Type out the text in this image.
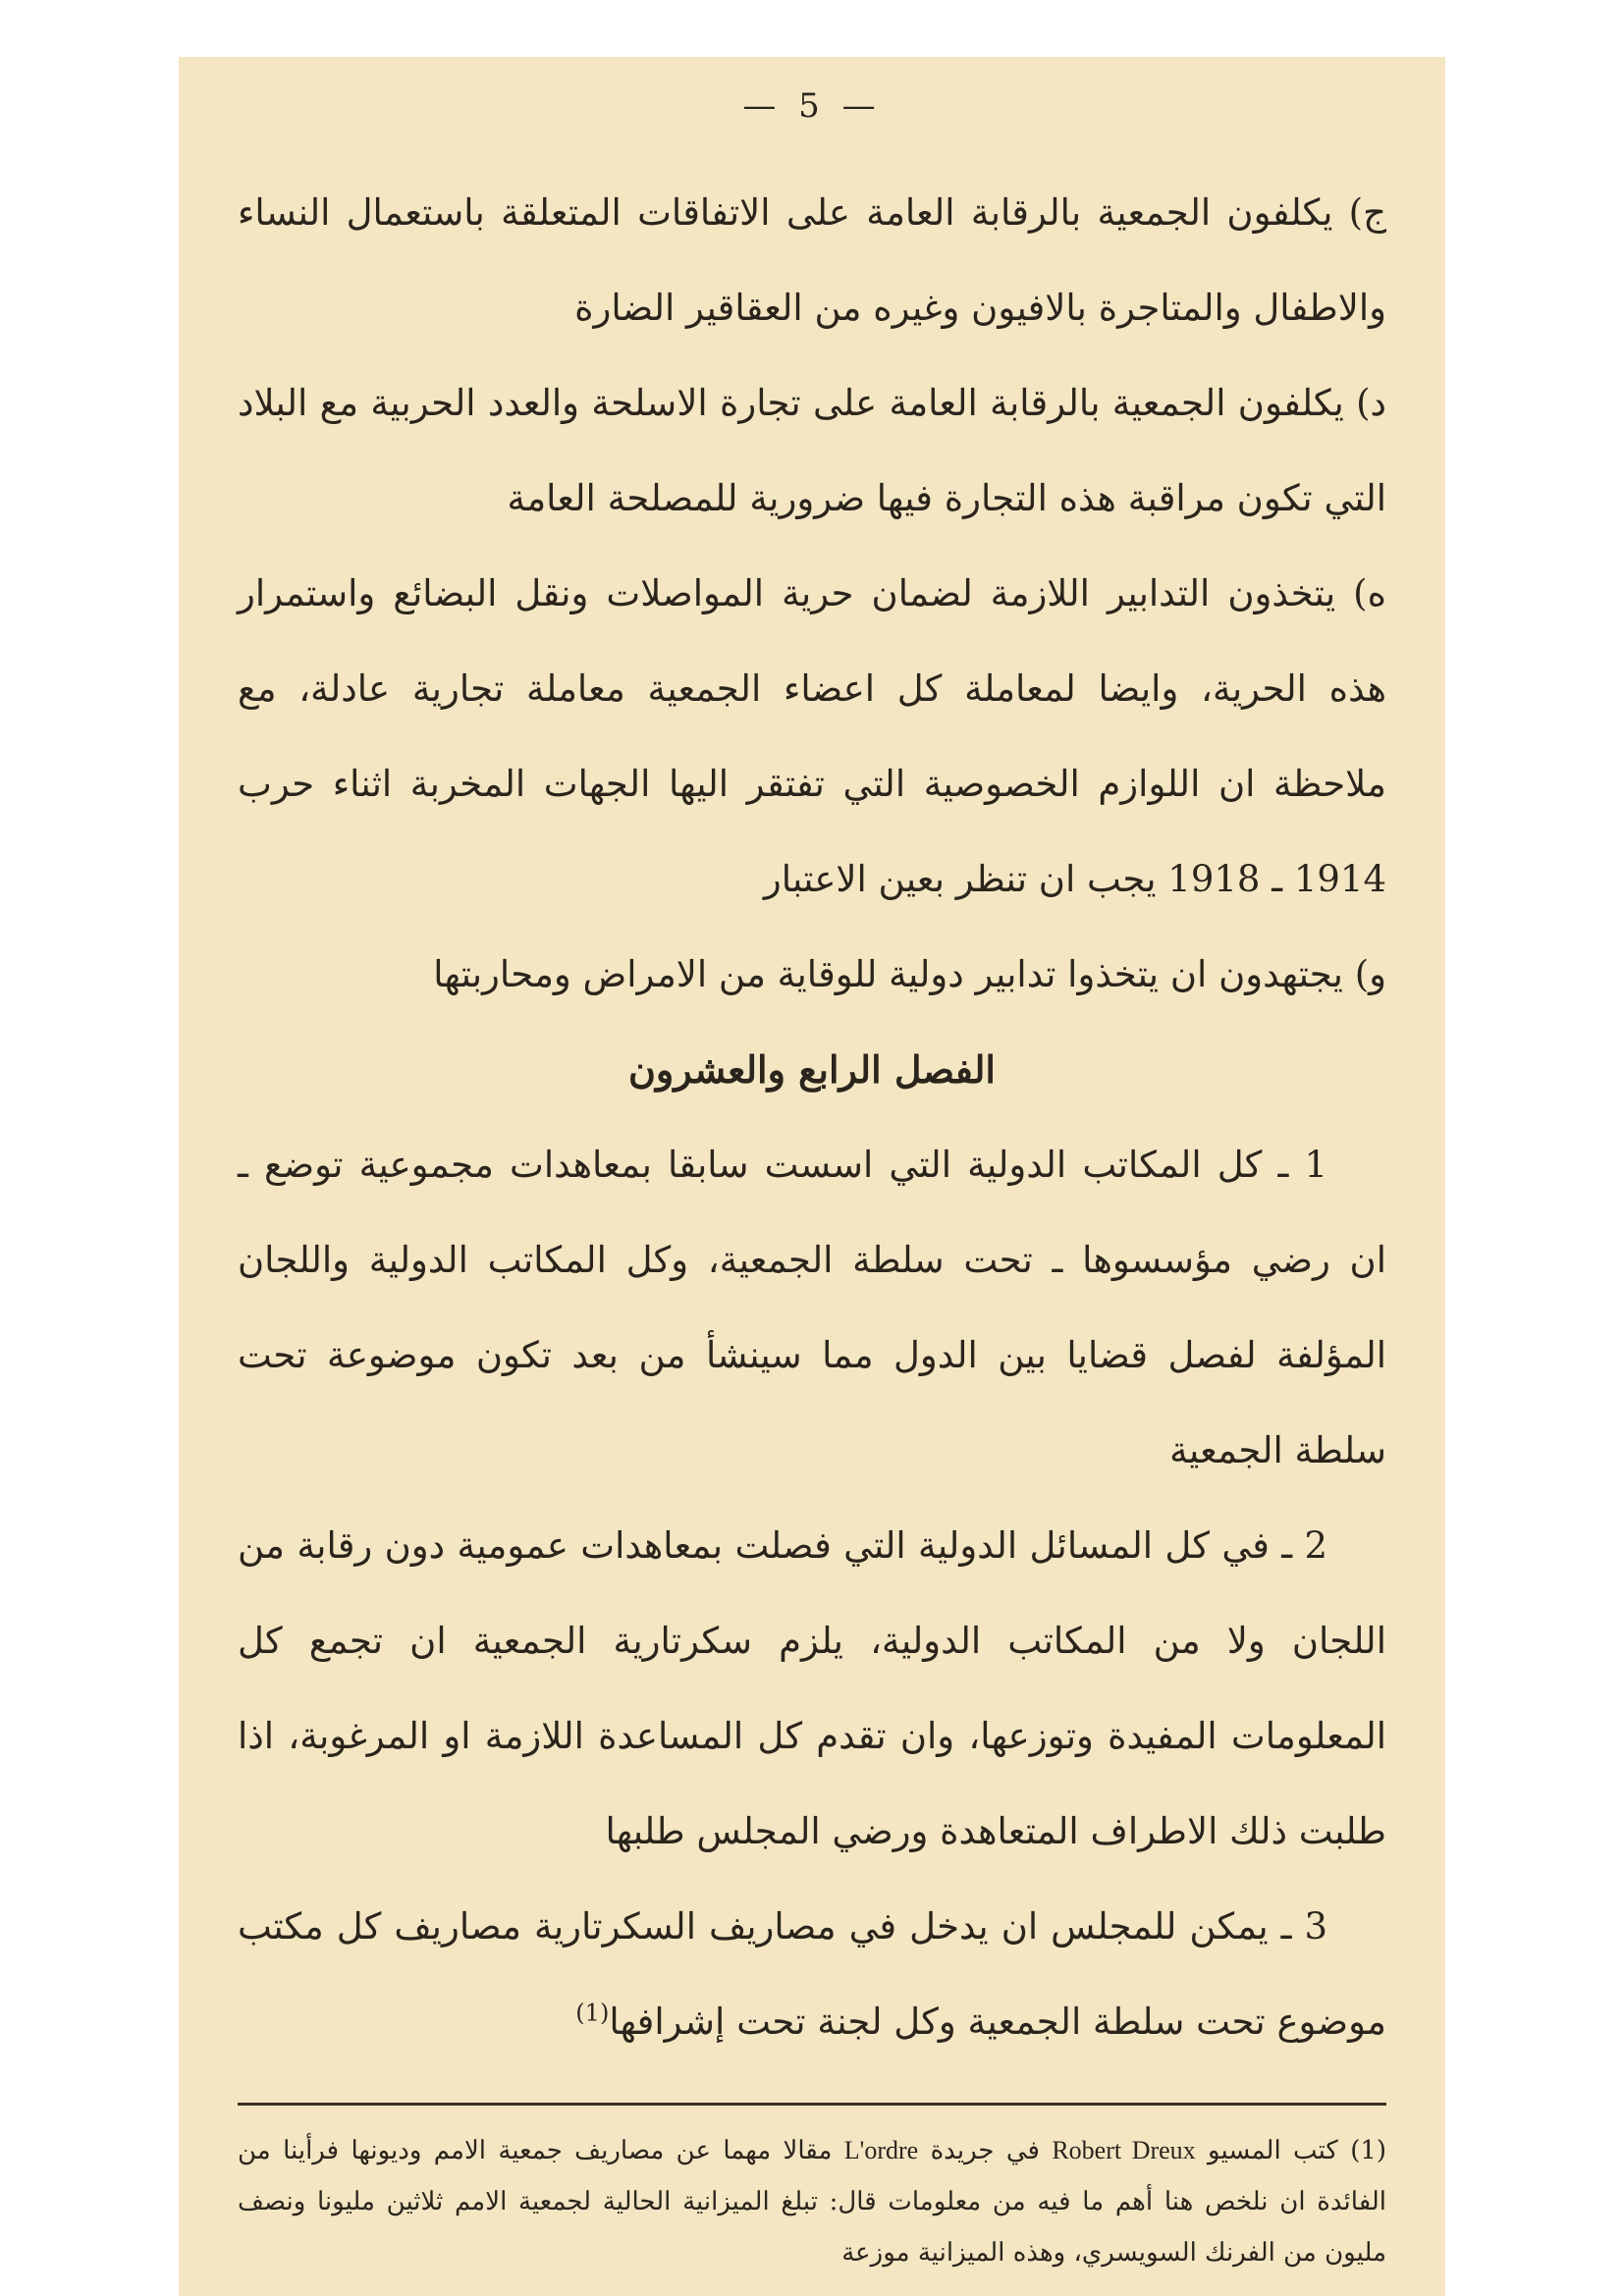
— 5 —

ج) يكلفون الجمعية بالرقابة العامة على الاتفاقات المتعلقة باستعمال النساء والاطفال والمتاجرة بالافيون وغيره من العقاقير الضارة

د) يكلفون الجمعية بالرقابة العامة على تجارة الاسلحة والعدد الحربية مع البلاد التي تكون مراقبة هذه التجارة فيها ضرورية للمصلحة العامة

ه) يتخذون التدابير اللازمة لضمان حرية المواصلات ونقل البضائع واستمرار هذه الحرية، وايضا لمعاملة كل اعضاء الجمعية معاملة تجارية عادلة، مع ملاحظة ان اللوازم الخصوصية التي تفتقر اليها الجهات المخربة اثناء حرب 1914 ـ 1918 يجب ان تنظر بعين الاعتبار

و) يجتهدون ان يتخذوا تدابير دولية للوقاية من الامراض ومحاربتها

الفصل الرابع والعشرون

1 ـ كل المكاتب الدولية التي اسست سابقا بمعاهدات مجموعية توضع ـ ان رضي مؤسسوها ـ تحت سلطة الجمعية، وكل المكاتب الدولية واللجان المؤلفة لفصل قضايا بين الدول مما سينشأ من بعد تكون موضوعة تحت سلطة الجمعية

2 ـ في كل المسائل الدولية التي فصلت بمعاهدات عمومية دون رقابة من اللجان ولا من المكاتب الدولية، يلزم سكرتارية الجمعية ان تجمع كل المعلومات المفيدة وتوزعها، وان تقدم كل المساعدة اللازمة او المرغوبة، اذا طلبت ذلك الاطراف المتعاهدة ورضي المجلس طلبها

3 ـ يمكن للمجلس ان يدخل في مصاريف السكرتارية مصاريف كل مكتب موضوع تحت سلطة الجمعية وكل لجنة تحت إشرافها$^{(1)}$

(1) كتب المسيو Robert Dreux في جريدة L'ordre مقالا مهما عن مصاريف جمعية الامم وديونها فرأينا من الفائدة ان نلخص هنا أهم ما فيه من معلومات قال: تبلغ الميزانية الحالية لجمعية الامم ثلاثين مليونا ونصف مليون من الفرنك السويسري، وهذه الميزانية موزعة
